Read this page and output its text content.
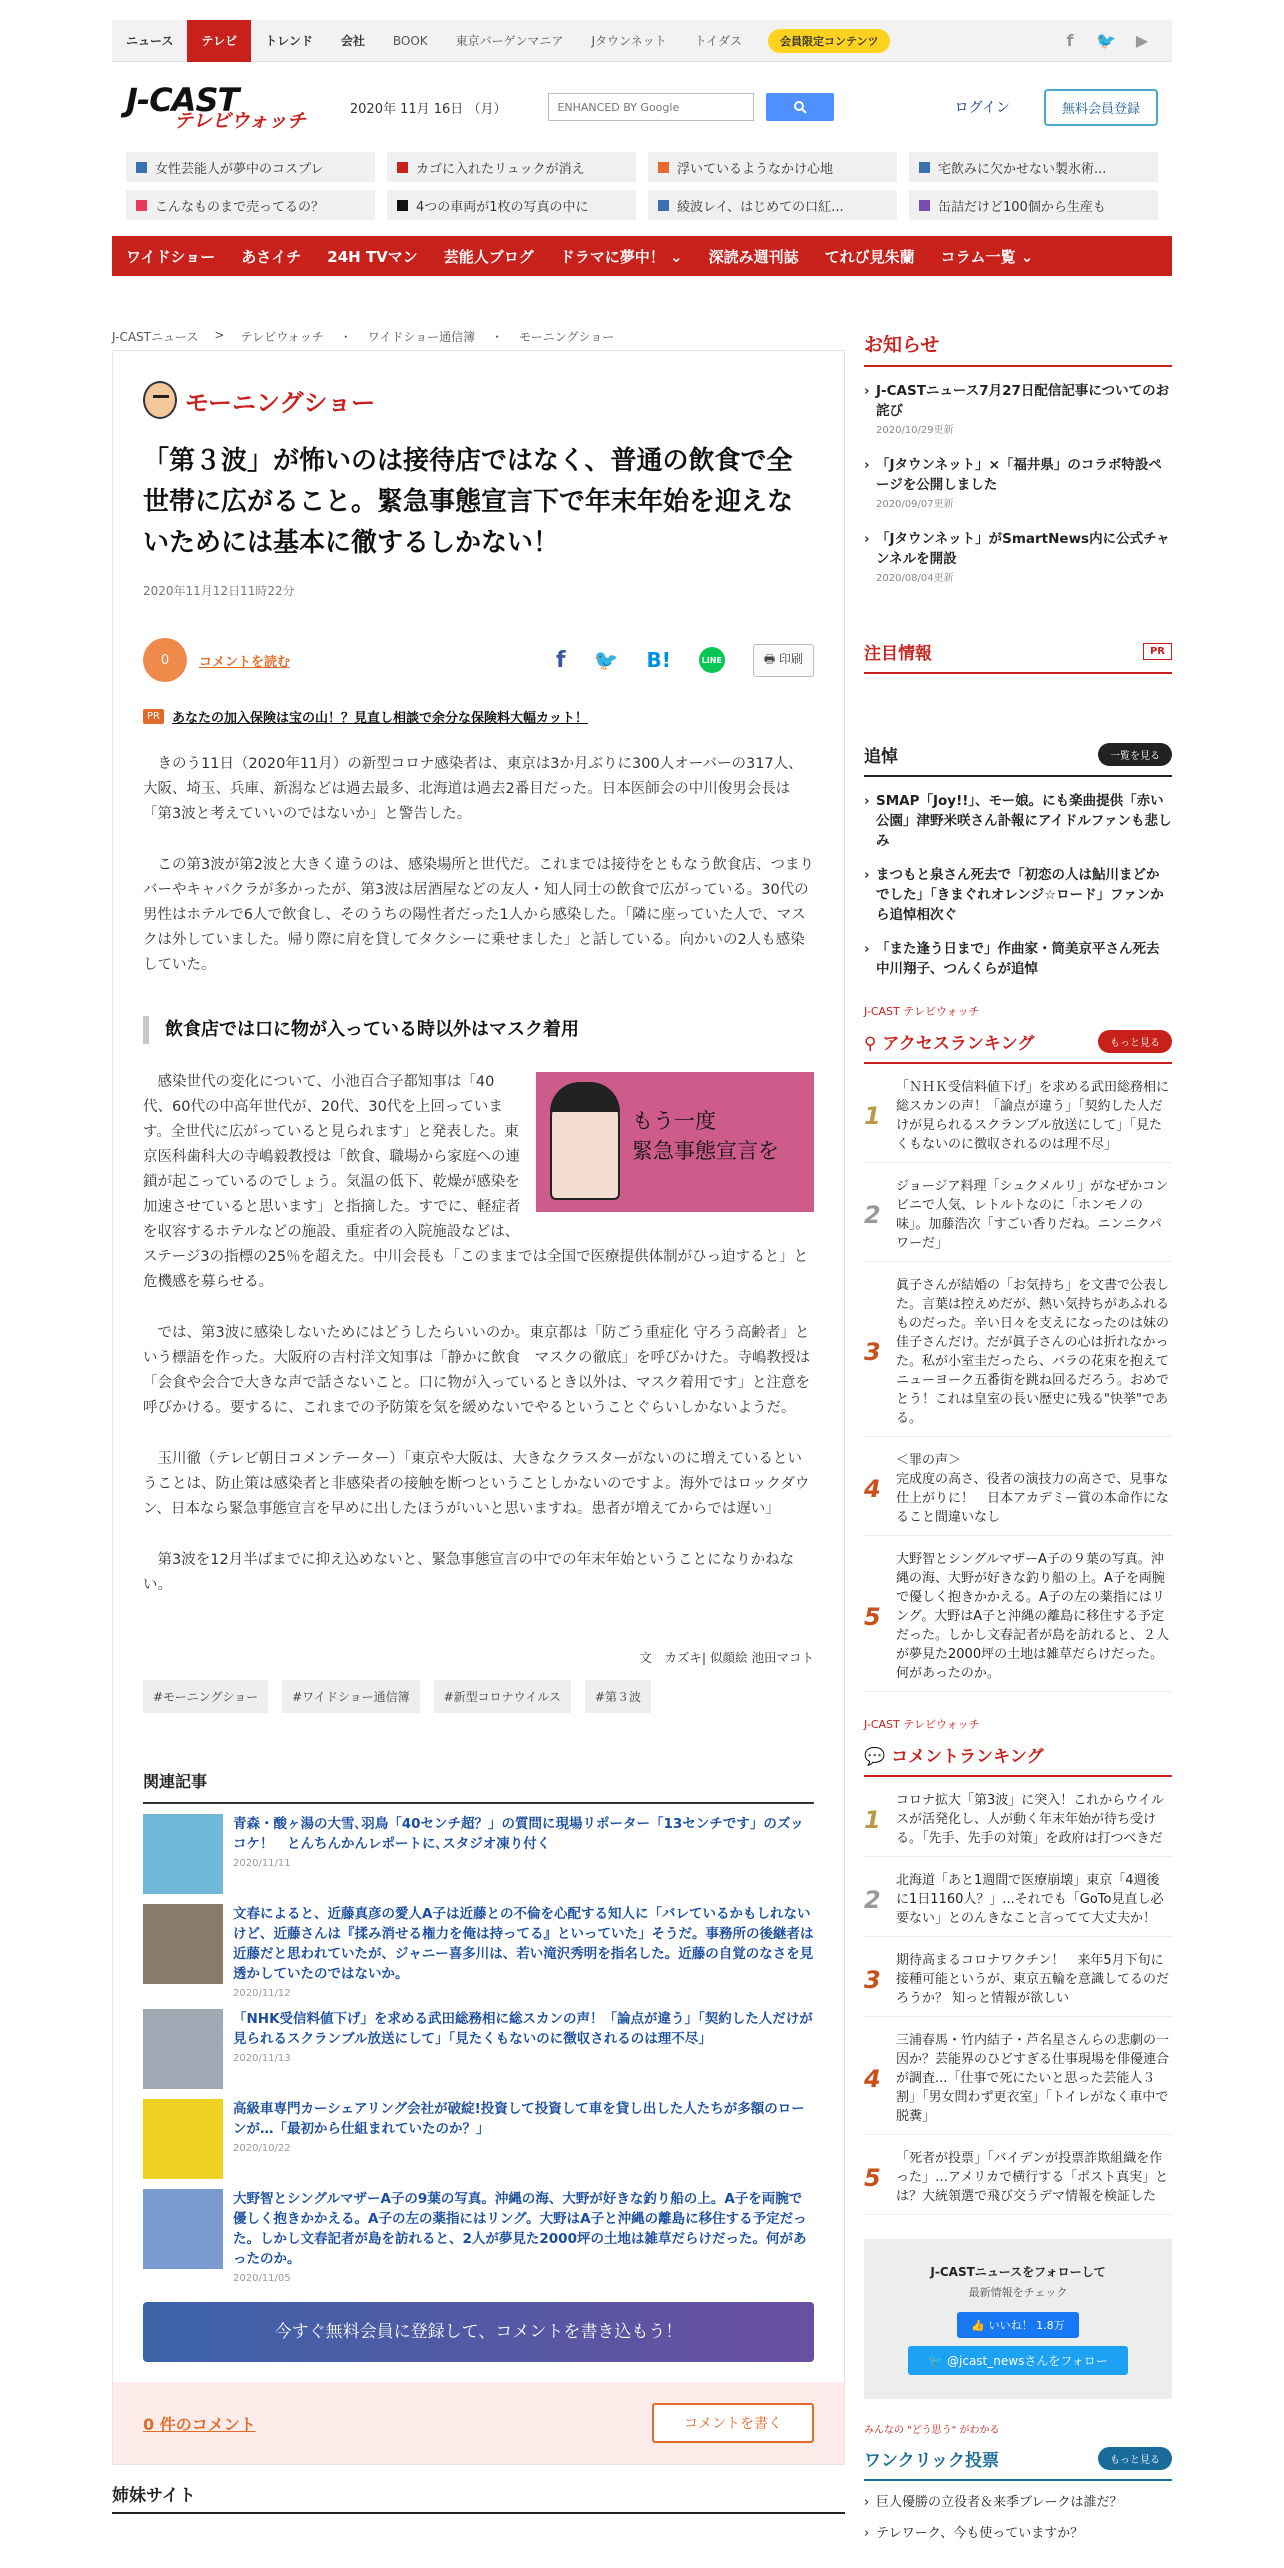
ニュース	テレビ	トレンド	会社	BOOK	東京バーゲンマニア	Jタウンネット	トイダス	会員限定コンテンツ	f	🐦 ▶
J-CAST
テレビウォッチ
2020年 11月 16日 （月）	ENHANCED BY Google	ログイン	無料会員登録
女性芸能人が夢中のコスプレ	カゴに入れたリュックが消え	浮いているようなかけ心地	宅飲みに欠かせない製氷術...
こんなものまで売ってるの？	4つの車両が1枚の写真の中に	綾波レイ、はじめての口紅...	缶詰だけど100個から生産も
ワイドショー あさイチ 24H TVマン 芸能人ブログ ドラマに夢中！ ⌄ 深読み週刊誌 てれび見朱蘭 コラム一覧 ⌄
J-CASTニュース > テレビウォッチ ・ ワイドショー通信簿 ・ モーニングショー
モーニングショー
「第３波」が怖いのは接待店ではなく、普通の飲食で全世帯に広がること。緊急事態宣言下で年末年始を迎えないためには基本に徹するしかない！
2020年11月12日11時22分
0	コメントを読む	f 🐦 B!	LINE	🖶 印刷
PR あなたの加入保険は宝の山！？見直し相談で余分な保険料大幅カット！

きのう11日（2020年11月）の新型コロナ感染者は、東京は3か月ぶりに300人オーバーの317人、大阪、埼玉、兵庫、新潟などは過去最多、北海道は過去2番目だった。日本医師会の中川俊男会長は「第3波と考えていいのではないか」と警告した。

この第3波が第2波と大きく違うのは、感染場所と世代だ。これまでは接待をともなう飲食店、つまりバーやキャバクラが多かったが、第3波は居酒屋などの友人・知人同士の飲食で広がっている。30代の男性はホテルで6人で飲食し、そのうちの陽性者だった1人から感染した。「隣に座っていた人で、マスクは外していました。帰り際に肩を貸してタクシーに乗せました」と話している。向かいの2人も感染していた。

飲食店では口に物が入っている時以外はマスク着用
もう一度
緊急事態宣言を

感染世代の変化について、小池百合子都知事は「40代、60代の中高年世代が、20代、30代を上回っています。全世代に広がっていると見られます」と発表した。東京医科歯科大の寺嶋毅教授は「飲食、職場から家庭への連鎖が起こっているのでしょう。気温の低下、乾燥が感染を加速させていると思います」と指摘した。すでに、軽症者を収容するホテルなどの施設、重症者の入院施設などは、ステージ3の指標の25％を超えた。中川会長も「このままでは全国で医療提供体制がひっ迫すると」と危機感を募らせる。

では、第3波に感染しないためにはどうしたらいいのか。東京都は「防ごう重症化 守ろう高齢者」という標語を作った。大阪府の吉村洋文知事は「静かに飲食　マスクの徹底」を呼びかけた。寺嶋教授は「会食や会合で大きな声で話さないこと。口に物が入っているとき以外は、マスク着用です」と注意を呼びかける。要するに、これまでの予防策を気を緩めないでやるということぐらいしかないようだ。

玉川徹（テレビ朝日コメンテーター）「東京や大阪は、大きなクラスターがないのに増えているということは、防止策は感染者と非感染者の接触を断つということしかないのですよ。海外ではロックダウン、日本なら緊急事態宣言を早めに出したほうがいいと思いますね。患者が増えてからでは遅い」

第3波を12月半ばまでに抑え込めないと、緊急事態宣言の中での年末年始ということになりかねない。

文　カズキ| 似顔絵 池田マコト
#モーニングショー	#ワイドショー通信簿	#新型コロナウイルス	#第３波
関連記事
青森・酸ヶ湯の大雪､羽鳥「40センチ超？」の質問に現場リポーター「13センチです」のズッコケ！　とんちんかんレポートに､スタジオ凍り付く
2020/11/11
文春によると、近藤真彦の愛人A子は近藤との不倫を心配する知人に「バレているかもしれないけど、近藤さんは『揉み消せる権力を俺は持ってる』といっていた」そうだ。事務所の後継者は近藤だと思われていたが、ジャニー喜多川は、若い滝沢秀明を指名した。近藤の自覚のなさを見透かしていたのではないか。
2020/11/12
「NHK受信料値下げ」を求める武田総務相に総スカンの声！「論点が違う」「契約した人だけが見られるスクランブル放送にして」「見たくもないのに徴収されるのは理不尽」
2020/11/13
高級車専門カーシェアリング会社が破綻!投資して投資して車を貸し出した人たちが多額のローンが…「最初から仕組まれていたのか？」
2020/10/22
大野智とシングルマザーA子の9葉の写真。沖縄の海、大野が好きな釣り船の上。A子を両腕で優しく抱きかかえる。A子の左の薬指にはリング。大野はA子と沖縄の離島に移住する予定だった。しかし文春記者が島を訪れると、2人が夢見た2000坪の土地は雑草だらけだった。何があったのか。
2020/11/05
今すぐ無料会員に登録して、コメントを書き込もう！
0 件のコメント	コメントを書く
姉妹サイト
お知らせ
› J-CASTニュース7月27日配信記事についてのお詫び
2020/10/29更新
› 「Jタウンネット」×「福井県」のコラボ特設ページを公開しました
2020/09/07更新
› 「Jタウンネット」がSmartNews内に公式チャンネルを開設
2020/08/04更新
注目情報	PR
追悼	一覧を見る
› SMAP「Joy!!」、モー娘。にも楽曲提供「赤い公園」津野米咲さん訃報にアイドルファンも悲しみ
› まつもと泉さん死去で「初恋の人は鮎川まどかでした」「きまぐれオレンジ☆ロード」ファンから追悼相次ぐ
› 「また逢う日まで」作曲家・筒美京平さん死去　中川翔子、つんくらが追悼
J-CAST テレビウォッチ
⚲ アクセスランキング	もっと見る
1
「ＮＨＫ受信料値下げ」を求める武田総務相に総スカンの声！「論点が違う」「契約した人だけが見られるスクランブル放送にして」「見たくもないのに徴収されるのは理不尽」
2
ジョージア料理「シュクメルリ」がなぜかコンビニで人気、レトルトなのに「ホンモノの味」。加藤浩次「すごい香りだね。ニンニクパワーだ」
3
眞子さんが結婚の「お気持ち」を文書で公表した。言葉は控えめだが、熱い気持ちがあふれるものだった。辛い日々を支えになったのは妹の佳子さんだけ。だが眞子さんの心は折れなかった。私が小室圭だったら、バラの花束を抱えてニューヨーク五番街を跳ね回るだろう。おめでとう！これは皇室の長い歴史に残る"快挙"である。
4
＜罪の声＞
完成度の高さ、役者の演技力の高さで、見事な仕上がりに！　日本アカデミー賞の本命作になること間違いなし
5
大野智とシングルマザーA子の９葉の写真。沖縄の海、大野が好きな釣り船の上。A子を両腕で優しく抱きかかえる。A子の左の薬指にはリング。大野はA子と沖縄の離島に移住する予定だった。しかし文春記者が島を訪れると、２人が夢見た2000坪の土地は雑草だらけだった。何があったのか。
J-CAST テレビウォッチ
💬 コメントランキング
1
コロナ拡大「第3波」に突入！これからウイルスが活発化し、人が動く年末年始が待ち受ける。「先手、先手の対策」を政府は打つべきだ
2
北海道「あと1週間で医療崩壊」東京「4週後に1日1160人？」...それでも「GoTo見直し必要ない」とのんきなこと言ってて大丈夫か！
3
期待高まるコロナワクチン！　来年5月下旬に接種可能というが、東京五輪を意識してるのだろうか？ 知っと情報が欲しい
4
三浦春馬・竹内結子・芦名星さんらの悲劇の一因か？芸能界のひどすぎる仕事現場を俳優連合が調査...「仕事で死にたいと思った芸能人３割」「男女問わず更衣室」「トイレがなく車中で脱糞」
5
「死者が投票」「バイデンが投票詐欺組織を作った」…アメリカで横行する「ポスト真実」とは？大統領選で飛び交うデマ情報を検証した
J-CASTニュースをフォローして
最新情報をチェック
👍 いいね！ 1.8万
🐦 @jcast_newsさんをフォロー
みんなの "どう思う" がわかる
ワンクリック投票	もっと見る
› 巨人優勝の立役者＆来季ブレークは誰だ？
› テレワーク、今も使っていますか？
